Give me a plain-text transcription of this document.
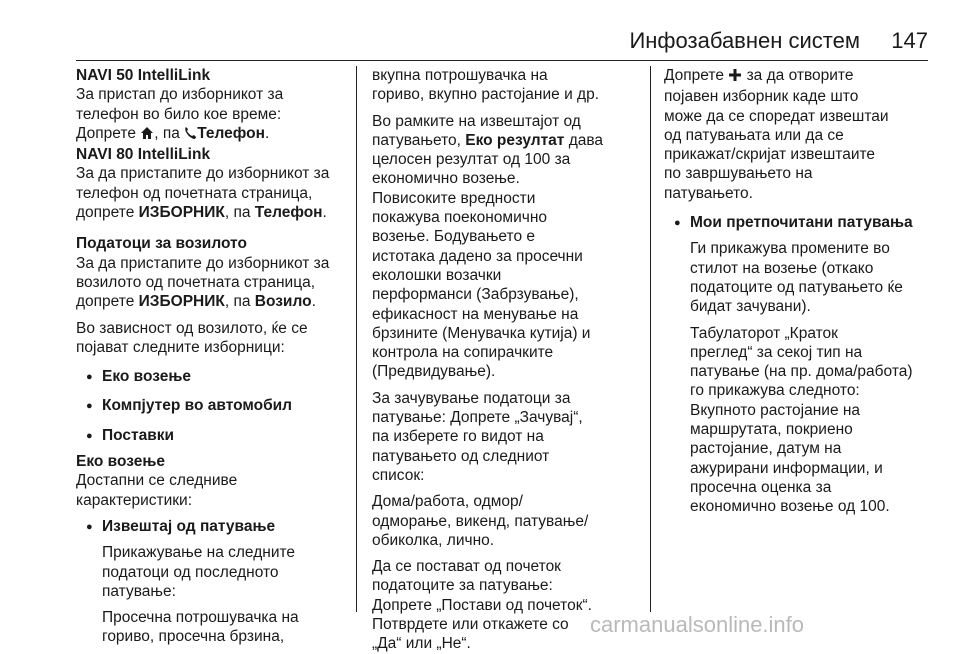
Инфозабавнен систем	147

NAVI 50 IntelliLink

За пристап до изборникот за

телефон во било кое време:

Допрете , па Телефон.

NAVI 80 IntelliLink

За да пристапите до изборникот за

телефон од почетната страница,

допрете ИЗБОРНИК, па Телефон.

Податоци за возилото

За да пристапите до изборникот за

возилото од почетната страница,

допрете ИЗБОРНИК, па Возило.

Во зависност од возилото, ќе се

појават следните изборници:

● Еко возење

● Компјутер во автомобил

● Поставки

Еко возење

Достапни се следниве

карактеристики:

● Извештај од патување

Прикажување на следните

податоци од последното

патување:

Просечна потрошувачка на

гориво, просечна брзина,

вкупна потрошувачка на

гориво, вкупно растојание и др.

Во рамките на извештајот од

патувањето, Еко резултат дава

целосен резултат од 100 за

економично возење.

Повисоките вредности

покажува поекономично

возење. Бодувањето е

истотака дадено за просечни

еколошки возачки

перформанси (Забрзување),

ефикасност на менување на

брзините (Менувачка кутија) и

контрола на сопирачките

(Предвидување).

За зачувување податоци за

патување: Допрете „Зачувај“,

па изберете го видот на

патувањето од следниот

список:

Дома/работа, одмор/

одморање, викенд, патување/

обиколка, лично.

Да се постават од почеток

податоците за патување:

Допрете „Постави од почеток“.

Потврдете или откажете со

„Да“ или „Не“.

Допрете  за да отворите

појавен изборник каде што

може да се споредат извештаи

од патувањата или да се

прикажат/скријат извештаите

по завршувањето на

патувањето.

● Мои претпочитани патувања

Ги прикажува промените во

стилот на возење (откако

податоците од патувањето ќе

бидат зачувани).

Табулаторот „Краток

преглед“ за секој тип на

патување (на пр. дома/работа)

го прикажува следното:

Вкупното растојание на

маршрутата, покриено

растојание, датум на

ажурирани информации, и

просечна оценка за

економично возење од 100.

carmanualsonline.info
